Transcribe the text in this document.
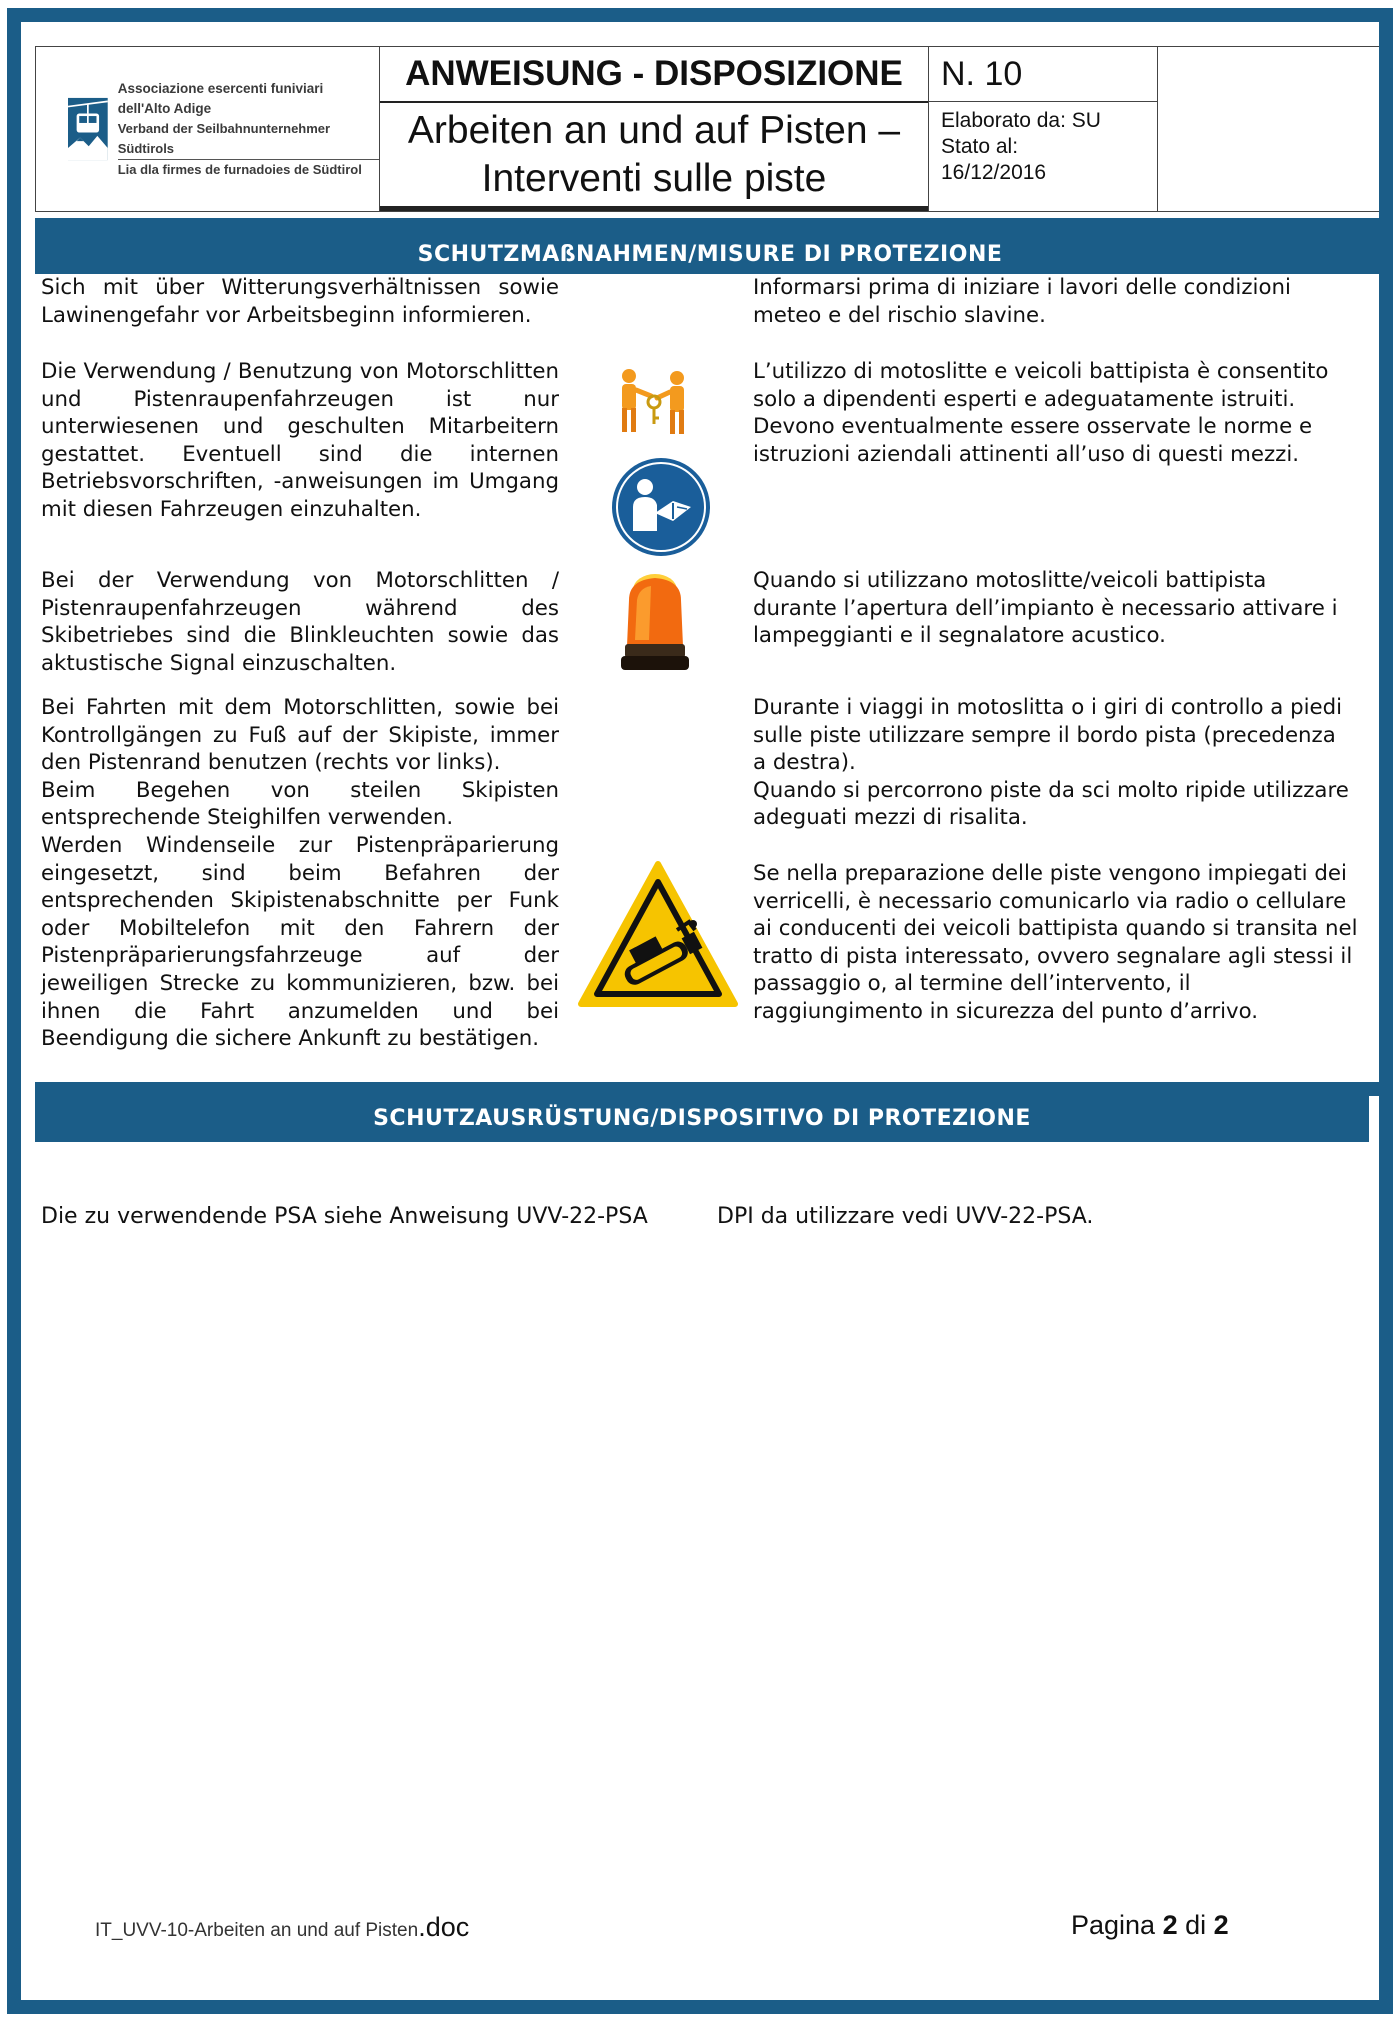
Associazione esercenti funiviari dell'Alto Adige
Verband der Seilbahnunternehmer Südtirols
Lia dla firmes de furnadoies de Südtirol
ANWEISUNG - DISPOSIZIONE
Arbeiten an und auf Pisten –
Interventi sulle piste
N. 10
Elaborato da: SU
Stato al:
16/12/2016
SCHUTZMAßNAHMEN/MISURE DI PROTEZIONE

Sich mit über Witterungsverhältnissen sowie Lawinengefahr vor Arbeitsbeginn informieren.

Informarsi prima di iniziare i lavori delle condizioni
meteo e del rischio slavine.

Die Verwendung / Benutzung von Motorschlitten und Pistenraupenfahrzeugen ist nur unterwiesenen und geschulten Mitarbeitern gestattet. Eventuell sind die internen Betriebsvorschriften, -anweisungen im Umgang mit diesen Fahrzeugen einzuhalten.

L’utilizzo di motoslitte e veicoli battipista è consentito
solo a dipendenti esperti e adeguatamente istruiti.
Devono eventualmente essere osservate le norme e
istruzioni aziendali attinenti all’uso di questi mezzi.

Bei der Verwendung von Motorschlitten / Pistenraupenfahrzeugen während des Skibetriebes sind die Blinkleuchten sowie das aktustische Signal einzuschalten.

Quando si utilizzano motoslitte/veicoli battipista
durante l’apertura dell’impianto è necessario attivare i
lampeggianti e il segnalatore acustico.

Bei Fahrten mit dem Motorschlitten, sowie bei Kontrollgängen zu Fuß auf der Skipiste, immer den Pistenrand benutzen (rechts vor links).

Beim Begehen von steilen Skipisten entsprechende Steighilfen verwenden.

Werden Windenseile zur Pistenpräparierung eingesetzt, sind beim Befahren der entsprechenden Skipistenabschnitte per Funk oder Mobiltelefon mit den Fahrern der Pistenpräparierungsfahrzeuge auf der jeweiligen Strecke zu kommunizieren, bzw. bei ihnen die Fahrt anzumelden und bei Beendigung die sichere Ankunft zu bestätigen.

Durante i viaggi in motoslitta o i giri di controllo a piedi
sulle piste utilizzare sempre il bordo pista (precedenza
a destra).
Quando si percorrono piste da sci molto ripide utilizzare
adeguati mezzi di risalita.
Se nella preparazione delle piste vengono impiegati dei
verricelli, è necessario comunicarlo via radio o cellulare
ai conducenti dei veicoli battipista quando si transita nel
tratto di pista interessato, ovvero segnalare agli stessi il
passaggio o, al termine dell’intervento, il
raggiungimento in sicurezza del punto d’arrivo.
SCHUTZAUSRÜSTUNG/DISPOSITIVO DI PROTEZIONE
Die zu verwendende PSA siehe Anweisung UVV-22-PSA	DPI da utilizzare vedi UVV-22-PSA.
IT_UVV-10-Arbeiten an und auf Pisten.doc	Pagina 2 di 2
